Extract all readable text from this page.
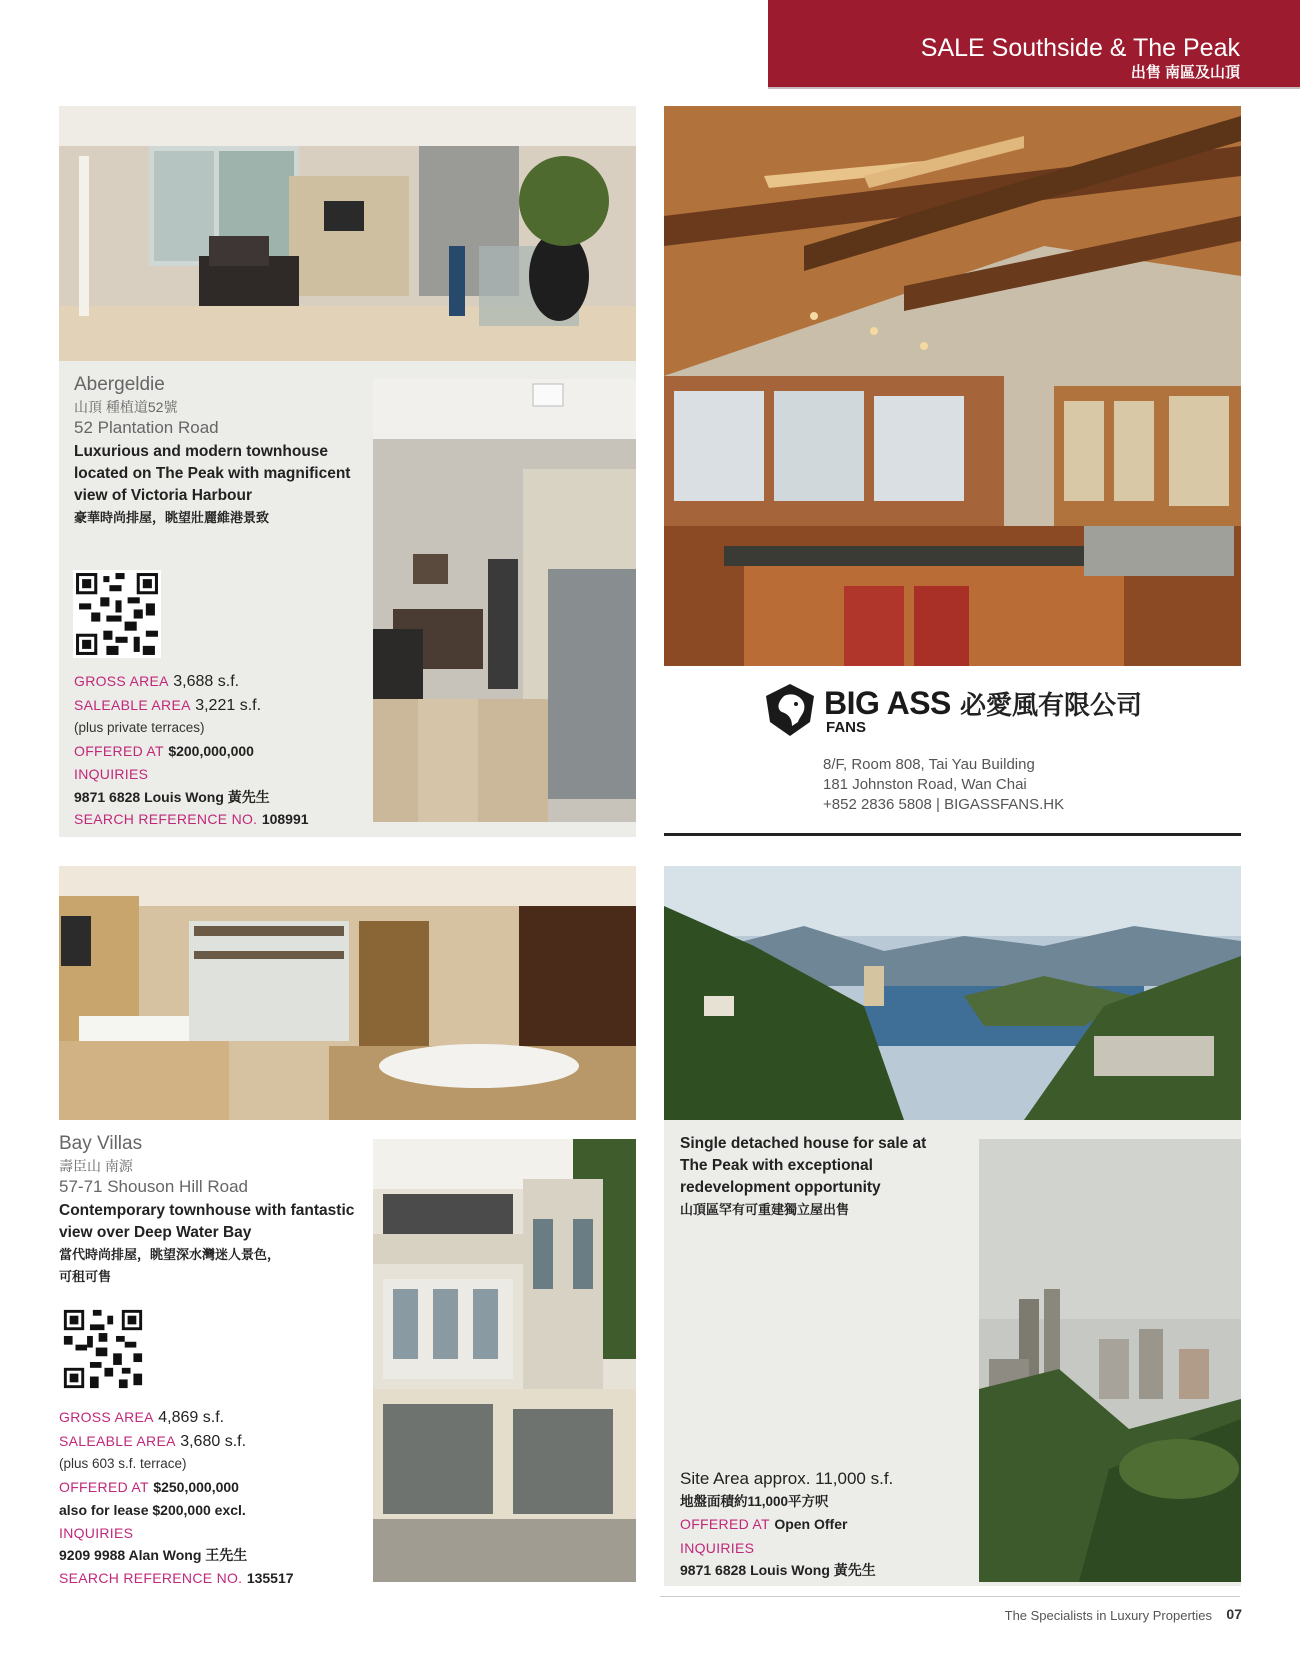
SALE Southside & The Peak
出售 南區及山頂
Abergeldie
山頂 種植道52號
52 Plantation Road
Luxurious and modern townhouse located on The Peak with magnificent view of Victoria Harbour
豪華時尚排屋，眺望壯麗維港景致
GROSS AREA 3,688 s.f.
SALEABLE AREA 3,221 s.f.
(plus private terraces)
OFFERED AT $200,000,000
INQUIRIES
9871 6828 Louis Wong 黃先生
SEARCH REFERENCE NO. 108991
BIG ASS
FANS
必愛風有限公司
8/F, Room 808, Tai Yau Building
181 Johnston Road, Wan Chai
+852 2836 5808 | BIGASSFANS.HK
Bay Villas
壽臣山 南源
57-71 Shouson Hill Road
Contemporary townhouse with fantastic view over Deep Water Bay
當代時尚排屋，眺望深水灣迷人景色，
可租可售
GROSS AREA 4,869 s.f.
SALEABLE AREA 3,680 s.f.
(plus 603 s.f. terrace)
OFFERED AT $250,000,000
also for lease $200,000 excl.
INQUIRIES
9209 9988 Alan Wong 王先生
SEARCH REFERENCE NO. 135517
Single detached house for sale at The Peak with exceptional redevelopment opportunity
山頂區罕有可重建獨立屋出售
Site Area approx. 11,000 s.f.
地盤面積約11,000平方呎
OFFERED AT Open Offer
INQUIRIES
9871 6828 Louis Wong 黃先生
The Specialists in Luxury Properties 07
